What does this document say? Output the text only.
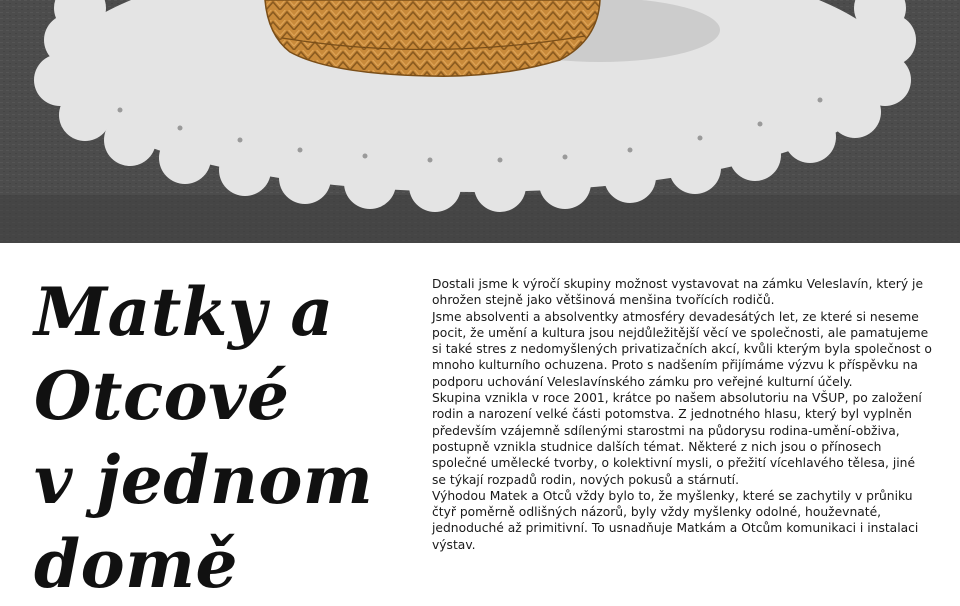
Matky a
Otcové
v jednom
domě

Dostali jsme k výročí skupiny možnost vystavovat na zámku Veleslavín, který je ohrožen stejně jako většinová menšina tvořících rodičů.

Jsme absolventi a absolventky atmosféry devadesátých let, ze které si neseme pocit, že umění a kultura jsou nejdůležitější věcí ve společnosti, ale pamatujeme si také stres z nedomyšlených privatizačních akcí, kvůli kterým byla společnost o mnoho kulturního ochuzena. Proto s nadšením přijímáme výzvu k příspěvku na podporu uchování Veleslavínského zámku pro veřejné kulturní účely.

Skupina vznikla v roce 2001, krátce po našem absolutoriu na VŠUP, po založení rodin a narození velké části potomstva. Z jednotného hlasu, který byl vyplněn především vzájemně sdílenými starostmi na půdorysu rodina-umění-obživa, postupně vznikla studnice dalších témat. Některé z nich jsou o přínosech společné umělecké tvorby, o kolektivní mysli, o přežití vícehlavého tělesa, jiné se týkají rozpadů rodin, nových pokusů a stárnutí.

Výhodou Matek a Otců vždy bylo to, že myšlenky, které se zachytily v průniku čtyř poměrně odlišných názorů, byly vždy myšlenky odolné, houževnaté, jednoduché až primitivní. To usnadňuje Matkám a Otcům komunikaci i instalaci výstav.
